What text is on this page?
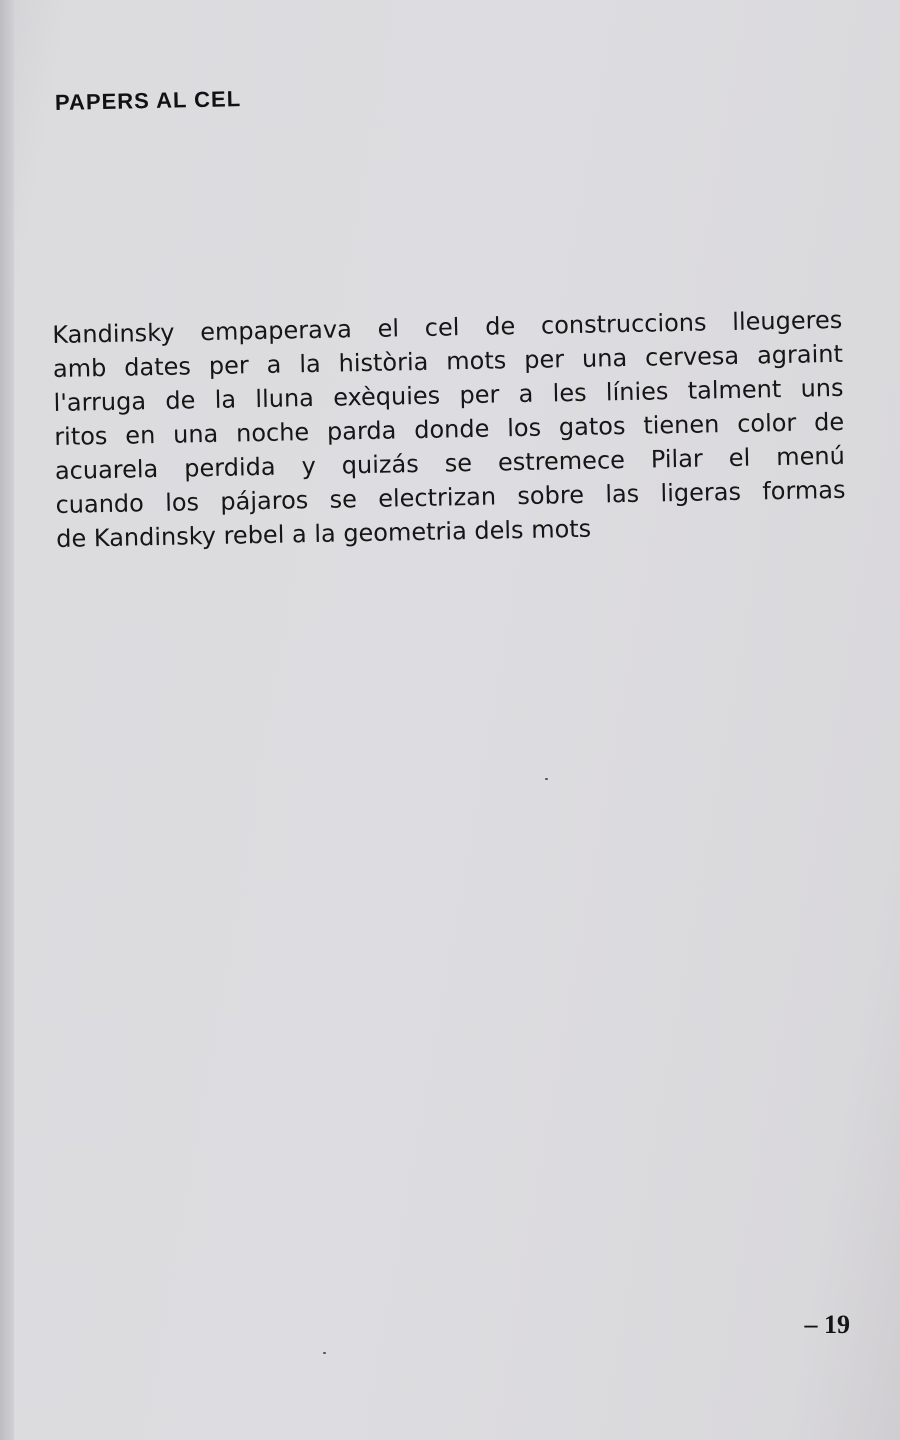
PAPERS AL CEL
Kandinsky empaperava el cel de construccions lleugeres
amb dates per a la història mots per una cervesa agraint
l'arruga de la lluna exèquies per a les línies talment uns
ritos en una noche parda donde los gatos tienen color de
acuarela perdida y quizás se estremece Pilar el menú
cuando los pájaros se electrizan sobre las ligeras formas
de Kandinsky rebel a la geometria dels mots

– 19
